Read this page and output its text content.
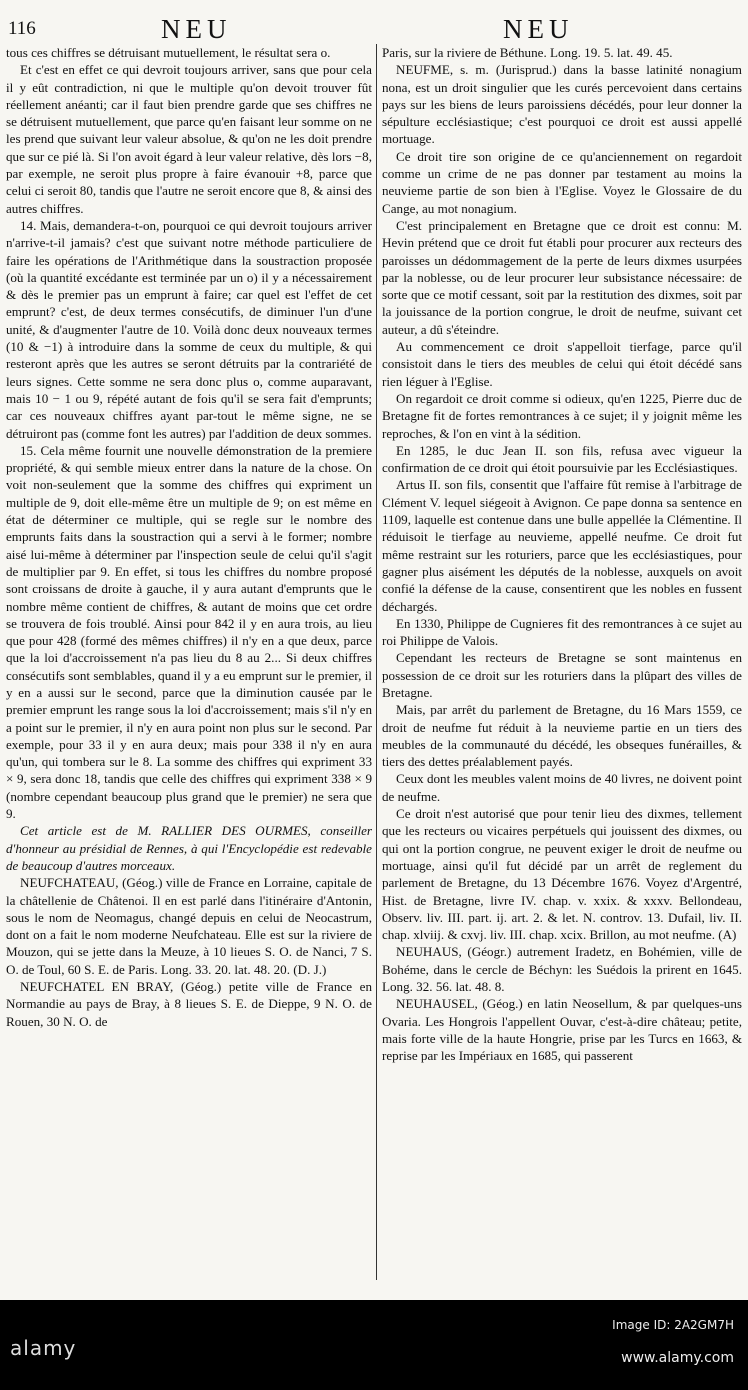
116	NEU	NEU

tous ces chiffres se détruisant mutuellement, le résultat sera o.

Et c'est en effet ce qui devroit toujours arriver, sans que pour cela il y eût contradiction, ni que le multiple qu'on devoit trouver fût réellement anéanti; car il faut bien prendre garde que ses chiffres ne se détruisent mutuellement, que parce qu'en faisant leur somme on ne les prend que suivant leur valeur absolue, & qu'on ne les doit prendre que sur ce pié là. Si l'on avoit égard à leur valeur relative, dès lors −8, par exemple, ne seroit plus propre à faire évanouir +8, parce que celui ci seroit 80, tandis que l'autre ne seroit encore que 8, & ainsi des autres chiffres.

14. Mais, demandera-t-on, pourquoi ce qui devroit toujours arriver n'arrive-t-il jamais? c'est que suivant notre méthode particuliere de faire les opérations de l'Arithmétique dans la soustraction proposée (où la quantité excédante est terminée par un o) il y a nécessairement & dès le premier pas un emprunt à faire; car quel est l'effet de cet emprunt? c'est, de deux termes consécutifs, de diminuer l'un d'une unité, & d'augmenter l'autre de 10. Voilà donc deux nouveaux termes (10 & −1) à introduire dans la somme de ceux du multiple, & qui resteront après que les autres se seront détruits par la contrariété de leurs signes. Cette somme ne sera donc plus o, comme auparavant, mais 10 − 1 ou 9, répété autant de fois qu'il se sera fait d'emprunts; car ces nouveaux chiffres ayant par-tout le même signe, ne se détruiront pas (comme font les autres) par l'addition de deux sommes.

15. Cela même fournit une nouvelle démonstration de la premiere propriété, & qui semble mieux entrer dans la nature de la chose. On voit non-seulement que la somme des chiffres qui expriment un multiple de 9, doit elle-même être un multiple de 9; on est même en état de déterminer ce multiple, qui se regle sur le nombre des emprunts faits dans la soustraction qui a servi à le former; nombre aisé lui-même à déterminer par l'inspection seule de celui qu'il s'agit de multiplier par 9. En effet, si tous les chiffres du nombre proposé sont croissans de droite à gauche, il y aura autant d'emprunts que le nombre même contient de chiffres, & autant de moins que cet ordre se trouvera de fois troublé. Ainsi pour 842 il y en aura trois, au lieu que pour 428 (formé des mêmes chiffres) il n'y en a que deux, parce que la loi d'accroissement n'a pas lieu du 8 au 2... Si deux chiffres consécutifs sont semblables, quand il y a eu emprunt sur le premier, il y en a aussi sur le second, parce que la diminution causée par le premier emprunt les range sous la loi d'accroissement; mais s'il n'y en a point sur le premier, il n'y en aura point non plus sur le second. Par exemple, pour 33 il y en aura deux; mais pour 338 il n'y en aura qu'un, qui tombera sur le 8. La somme des chiffres qui expriment 33 × 9, sera donc 18, tandis que celle des chiffres qui expriment 338 × 9 (nombre cependant beaucoup plus grand que le premier) ne sera que 9.

Cet article est de M. RALLIER DES OURMES, conseiller d'honneur au présidial de Rennes, à qui l'Encyclopédie est redevable de beaucoup d'autres morceaux.

NEUFCHATEAU, (Géog.) ville de France en Lorraine, capitale de la châtellenie de Châtenoi. Il en est parlé dans l'itinéraire d'Antonin, sous le nom de Neomagus, changé depuis en celui de Neocastrum, dont on a fait le nom moderne Neufchateau. Elle est sur la riviere de Mouzon, qui se jette dans la Meuze, à 10 lieues S. O. de Nanci, 7 S. O. de Toul, 60 S. E. de Paris. Long. 33. 20. lat. 48. 20. (D. J.)

NEUFCHATEL EN BRAY, (Géog.) petite ville de France en Normandie au pays de Bray, à 8 lieues S. E. de Dieppe, 9 N. O. de Rouen, 30 N. O. de

Paris, sur la riviere de Béthune. Long. 19. 5. lat. 49. 45.

NEUFME, s. m. (Jurisprud.) dans la basse latinité nonagium nona, est un droit singulier que les curés percevoient dans certains pays sur les biens de leurs paroissiens décédés, pour leur donner la sépulture ecclésiastique; c'est pourquoi ce droit est aussi appellé mortuage.

Ce droit tire son origine de ce qu'anciennement on regardoit comme un crime de ne pas donner par testament au moins la neuvieme partie de son bien à l'Eglise. Voyez le Glossaire de du Cange, au mot nonagium.

C'est principalement en Bretagne que ce droit est connu: M. Hevin prétend que ce droit fut établi pour procurer aux recteurs des paroisses un dédommagement de la perte de leurs dixmes usurpées par la noblesse, ou de leur procurer leur subsistance nécessaire: de sorte que ce motif cessant, soit par la restitution des dixmes, soit par la jouissance de la portion congrue, le droit de neufme, suivant cet auteur, a dû s'éteindre.

Au commencement ce droit s'appelloit tierfage, parce qu'il consistoit dans le tiers des meubles de celui qui étoit décédé sans rien léguer à l'Eglise.

On regardoit ce droit comme si odieux, qu'en 1225, Pierre duc de Bretagne fit de fortes remontrances à ce sujet; il y joignit même les reproches, & l'on en vint à la sédition.

En 1285, le duc Jean II. son fils, refusa avec vigueur la confirmation de ce droit qui étoit poursuivie par les Ecclésiastiques.

Artus II. son fils, consentit que l'affaire fût remise à l'arbitrage de Clément V. lequel siégeoit à Avignon. Ce pape donna sa sentence en 1109, laquelle est contenue dans une bulle appellée la Clémentine. Il réduisoit le tierfage au neuvieme, appellé neufme. Ce droit fut même restraint sur les roturiers, parce que les ecclésiastiques, pour gagner plus aisément les députés de la noblesse, auxquels on avoit confié la défense de la cause, consentirent que les nobles en fussent déchargés.

En 1330, Philippe de Cugnieres fit des remontrances à ce sujet au roi Philippe de Valois.

Cependant les recteurs de Bretagne se sont maintenus en possession de ce droit sur les roturiers dans la plûpart des villes de Bretagne.

Mais, par arrêt du parlement de Bretagne, du 16 Mars 1559, ce droit de neufme fut réduit à la neuvieme partie en un tiers des meubles de la communauté du décédé, les obseques funérailles, & tiers des dettes préalablement payés.

Ceux dont les meubles valent moins de 40 livres, ne doivent point de neufme.

Ce droit n'est autorisé que pour tenir lieu des dixmes, tellement que les recteurs ou vicaires perpétuels qui jouissent des dixmes, ou qui ont la portion congrue, ne peuvent exiger le droit de neufme ou mortuage, ainsi qu'il fut décidé par un arrêt de reglement du parlement de Bretagne, du 13 Décembre 1676. Voyez d'Argentré, Hist. de Bretagne, livre IV. chap. v. xxix. & xxxv. Bellondeau, Observ. liv. III. part. ij. art. 2. & let. N. controv. 13. Dufail, liv. II. chap. xlviij. & cxvj. liv. III. chap. xcix. Brillon, au mot neufme. (A)

NEUHAUS, (Géogr.) autrement Iradetz, en Bohémien, ville de Bohéme, dans le cercle de Béchyn: les Suédois la prirent en 1645. Long. 32. 56. lat. 48. 8.

NEUHAUSEL, (Géog.) en latin Neosellum, & par quelques-uns Ovaria. Les Hongrois l'appellent Ouvar, c'est-à-dire château; petite, mais forte ville de la haute Hongrie, prise par les Turcs en 1663, & reprise par les Impériaux en 1685, qui passerent

alamy
Image ID: 2A2GM7H
www.alamy.com
